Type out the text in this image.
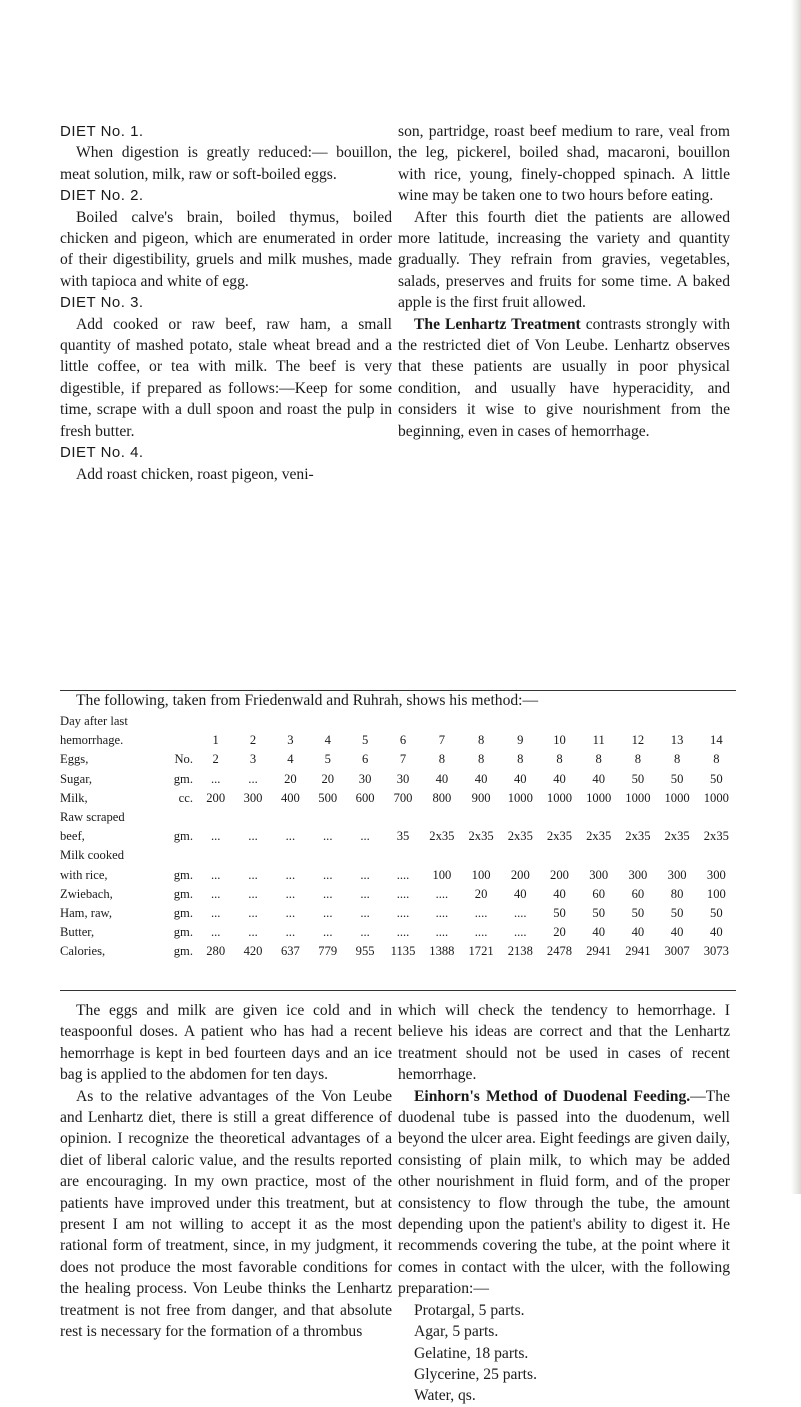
DIET No. 1.

When digestion is greatly reduced:— bouillon, meat solution, milk, raw or soft-boiled eggs.

DIET No. 2.

Boiled calve's brain, boiled thymus, boiled chicken and pigeon, which are enumerated in order of their digestibility, gruels and milk mushes, made with tapioca and white of egg.

DIET No. 3.

Add cooked or raw beef, raw ham, a small quantity of mashed potato, stale wheat bread and a little coffee, or tea with milk. The beef is very digestible, if prepared as follows:—Keep for some time, scrape with a dull spoon and roast the pulp in fresh butter.

DIET No. 4.

Add roast chicken, roast pigeon, veni-

son, partridge, roast beef medium to rare, veal from the leg, pickerel, boiled shad, macaroni, bouillon with rice, young, finely-chopped spinach. A little wine may be taken one to two hours before eating.

After this fourth diet the patients are allowed more latitude, increasing the variety and quantity gradually. They refrain from gravies, vegetables, salads, preserves and fruits for some time. A baked apple is the first fruit allowed.

The Lenhartz Treatment contrasts strongly with the restricted diet of Von Leube. Lenhartz observes that these patients are usually in poor physical condition, and usually have hyperacidity, and considers it wise to give nourishment from the beginning, even in cases of hemorrhage.

The following, taken from Friedenwald and Ruhrah, shows his method:—
Day after last														
hemorrhage.	1	2	3	4	5	6	7	8	9	10	11	12	13	14
Eggs, No.	2	3	4	5	6	7	8	8	8	8	8	8	8	8
Sugar, gm.	...	...	20	20	30	30	40	40	40	40	40	50	50	50
Milk, cc.	200	300	400	500	600	700	800	900	1000	1000	1000	1000	1000	1000
Raw scraped														
beef, gm.	...	...	...	...	...	35	2x35	2x35	2x35	2x35	2x35	2x35	2x35	2x35
Milk cooked														
with rice, gm.	...	...	...	...	...	....	100	100	200	200	300	300	300	300
Zwiebach, gm.	...	...	...	...	...	....	....	20	40	40	60	60	80	100
Ham, raw, gm.	...	...	...	...	...	....	....	....	....	50	50	50	50	50
Butter, gm.	...	...	...	...	...	....	....	....	....	20	40	40	40	40
Calories, gm.	280	420	637	779	955	1135	1388	1721	2138	2478	2941	2941	3007	3073

The eggs and milk are given ice cold and in teaspoonful doses. A patient who has had a recent hemorrhage is kept in bed fourteen days and an ice bag is applied to the abdomen for ten days.

As to the relative advantages of the Von Leube and Lenhartz diet, there is still a great difference of opinion. I recognize the theoretical advantages of a diet of liberal caloric value, and the results reported are encouraging. In my own practice, most of the patients have improved under this treatment, but at present I am not willing to accept it as the most rational form of treatment, since, in my judgment, it does not produce the most favorable conditions for the healing process. Von Leube thinks the Lenhartz treatment is not free from danger, and that absolute rest is necessary for the formation of a thrombus

which will check the tendency to hemorrhage. I believe his ideas are correct and that the Lenhartz treatment should not be used in cases of recent hemorrhage.

Einhorn's Method of Duodenal Feeding.—The duodenal tube is passed into the duodenum, well beyond the ulcer area. Eight feedings are given daily, consisting of plain milk, to which may be added other nourishment in fluid form, and of the proper consistency to flow through the tube, the amount depending upon the patient's ability to digest it. He recommends covering the tube, at the point where it comes in contact with the ulcer, with the following preparation:—

Protargal, 5 parts.

Agar, 5 parts.

Gelatine, 18 parts.

Glycerine, 25 parts.

Water, qs.
